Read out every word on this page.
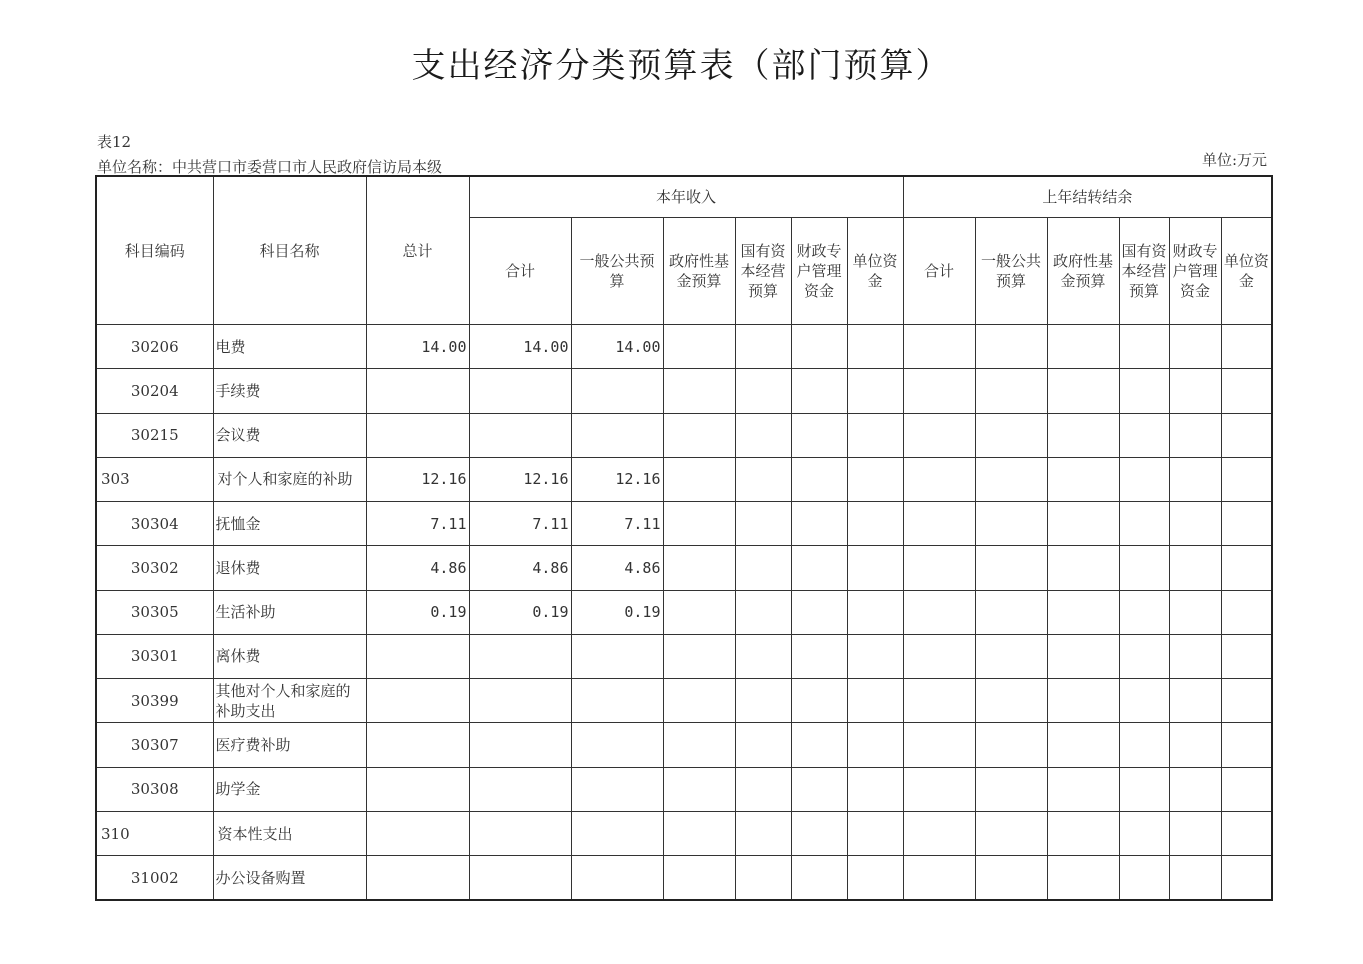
支出经济分类预算表（部门预算）
表12
单位名称：中共营口市委营口市人民政府信访局本级	单位:万元
科目编码	科目名称	总计	本年收入						上年结转结余					
			合计	一般公共预算	政府性基金预算	国有资本经营预算	财政专户管理资金	单位资金	合计	一般公共预算	政府性基金预算	国有资本经营预算	财政专户管理资金	单位资金
30206	电费	14.00	14.00	14.00										
30204	手续费													
30215	会议费													
303	对个人和家庭的补助	12.16	12.16	12.16										
30304	抚恤金	7.11	7.11	7.11										
30302	退休费	4.86	4.86	4.86										
30305	生活补助	0.19	0.19	0.19										
30301	离休费													
30399	其他对个人和家庭的补助支出													
30307	医疗费补助													
30308	助学金													
310	资本性支出													
31002	办公设备购置													
